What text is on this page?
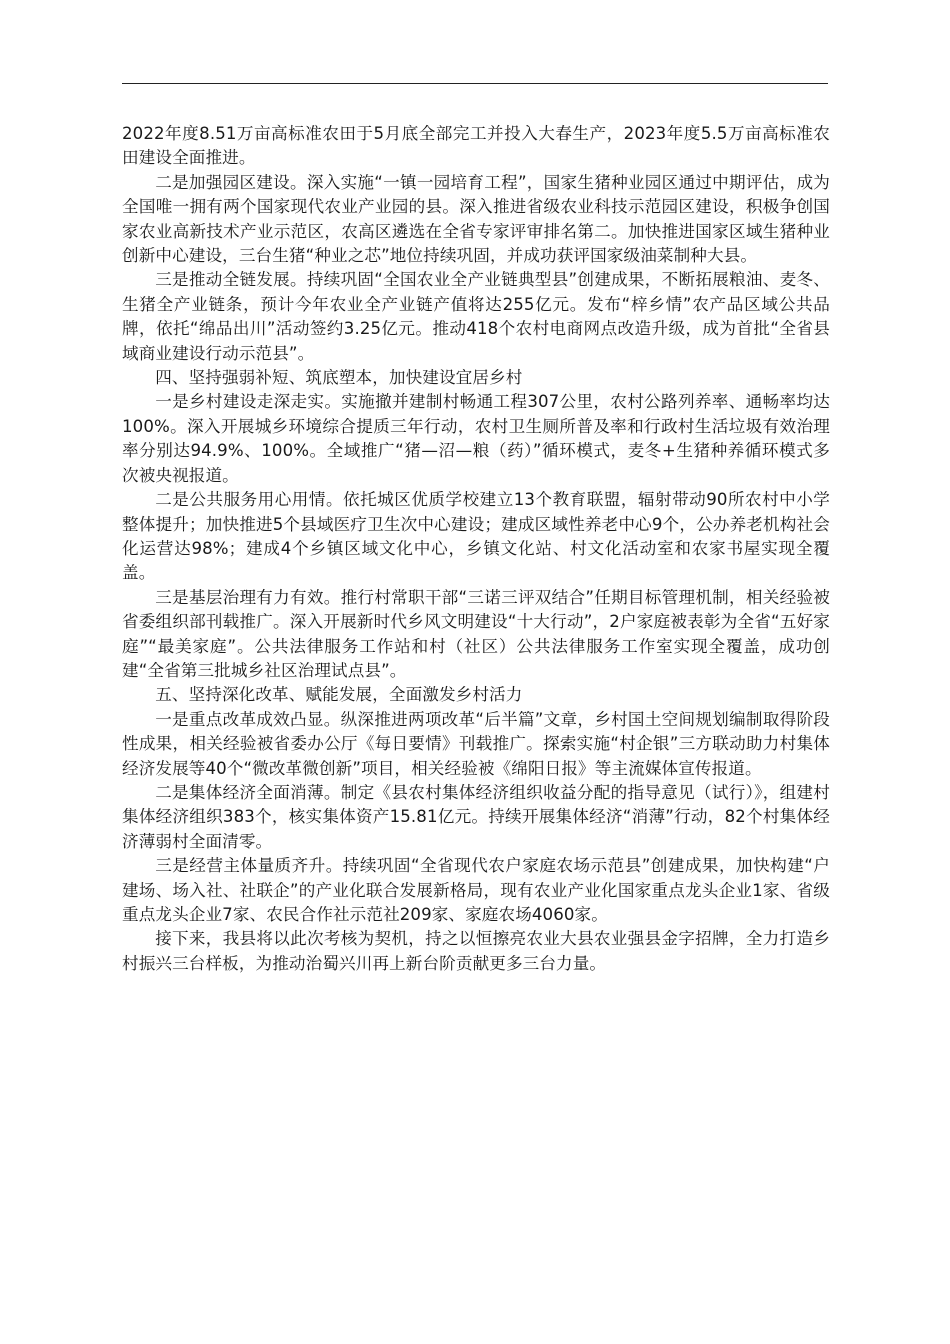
2022年度8.51万亩高标准农田于5月底全部完工并投入大春生产，2023年度5.5万亩高标准农田建设全面推进。

二是加强园区建设。深入实施“一镇一园培育工程”，国家生猪种业园区通过中期评估，成为全国唯一拥有两个国家现代农业产业园的县。深入推进省级农业科技示范园区建设，积极争创国家农业高新技术产业示范区，农高区遴选在全省专家评审排名第二。加快推进国家区域生猪种业创新中心建设，三台生猪“种业之芯”地位持续巩固，并成功获评国家级油菜制种大县。

三是推动全链发展。持续巩固“全国农业全产业链典型县”创建成果，不断拓展粮油、麦冬、生猪全产业链条，预计今年农业全产业链产值将达255亿元。发布“梓乡情”农产品区域公共品牌，依托“绵品出川”活动签约3.25亿元。推动418个农村电商网点改造升级，成为首批“全省县域商业建设行动示范县”。

四、坚持强弱补短、筑底塑本，加快建设宜居乡村

一是乡村建设走深走实。实施撤并建制村畅通工程307公里，农村公路列养率、通畅率均达100%。深入开展城乡环境综合提质三年行动，农村卫生厕所普及率和行政村生活垃圾有效治理率分别达94.9%、100%。全域推广“猪—沼—粮（药）”循环模式，麦冬+生猪种养循环模式多次被央视报道。

二是公共服务用心用情。依托城区优质学校建立13个教育联盟，辐射带动90所农村中小学整体提升；加快推进5个县域医疗卫生次中心建设；建成区域性养老中心9个，公办养老机构社会化运营达98%；建成4个乡镇区域文化中心，乡镇文化站、村文化活动室和农家书屋实现全覆盖。

三是基层治理有力有效。推行村常职干部“三诺三评双结合”任期目标管理机制，相关经验被省委组织部刊载推广。深入开展新时代乡风文明建设“十大行动”，2户家庭被表彰为全省“五好家庭”“最美家庭”。公共法律服务工作站和村（社区）公共法律服务工作室实现全覆盖，成功创建“全省第三批城乡社区治理试点县”。

五、坚持深化改革、赋能发展，全面激发乡村活力

一是重点改革成效凸显。纵深推进两项改革“后半篇”文章，乡村国土空间规划编制取得阶段性成果，相关经验被省委办公厅《每日要情》刊载推广。探索实施“村企银”三方联动助力村集体经济发展等40个“微改革微创新”项目，相关经验被《绵阳日报》等主流媒体宣传报道。

二是集体经济全面消薄。制定《县农村集体经济组织收益分配的指导意见（试行）》，组建村集体经济组织383个，核实集体资产15.81亿元。持续开展集体经济“消薄”行动，82个村集体经济薄弱村全面清零。

三是经营主体量质齐升。持续巩固“全省现代农户家庭农场示范县”创建成果，加快构建“户建场、场入社、社联企”的产业化联合发展新格局，现有农业产业化国家重点龙头企业1家、省级重点龙头企业7家、农民合作社示范社209家、家庭农场4060家。

接下来，我县将以此次考核为契机，持之以恒擦亮农业大县农业强县金字招牌，全力打造乡村振兴三台样板，为推动治蜀兴川再上新台阶贡献更多三台力量。
